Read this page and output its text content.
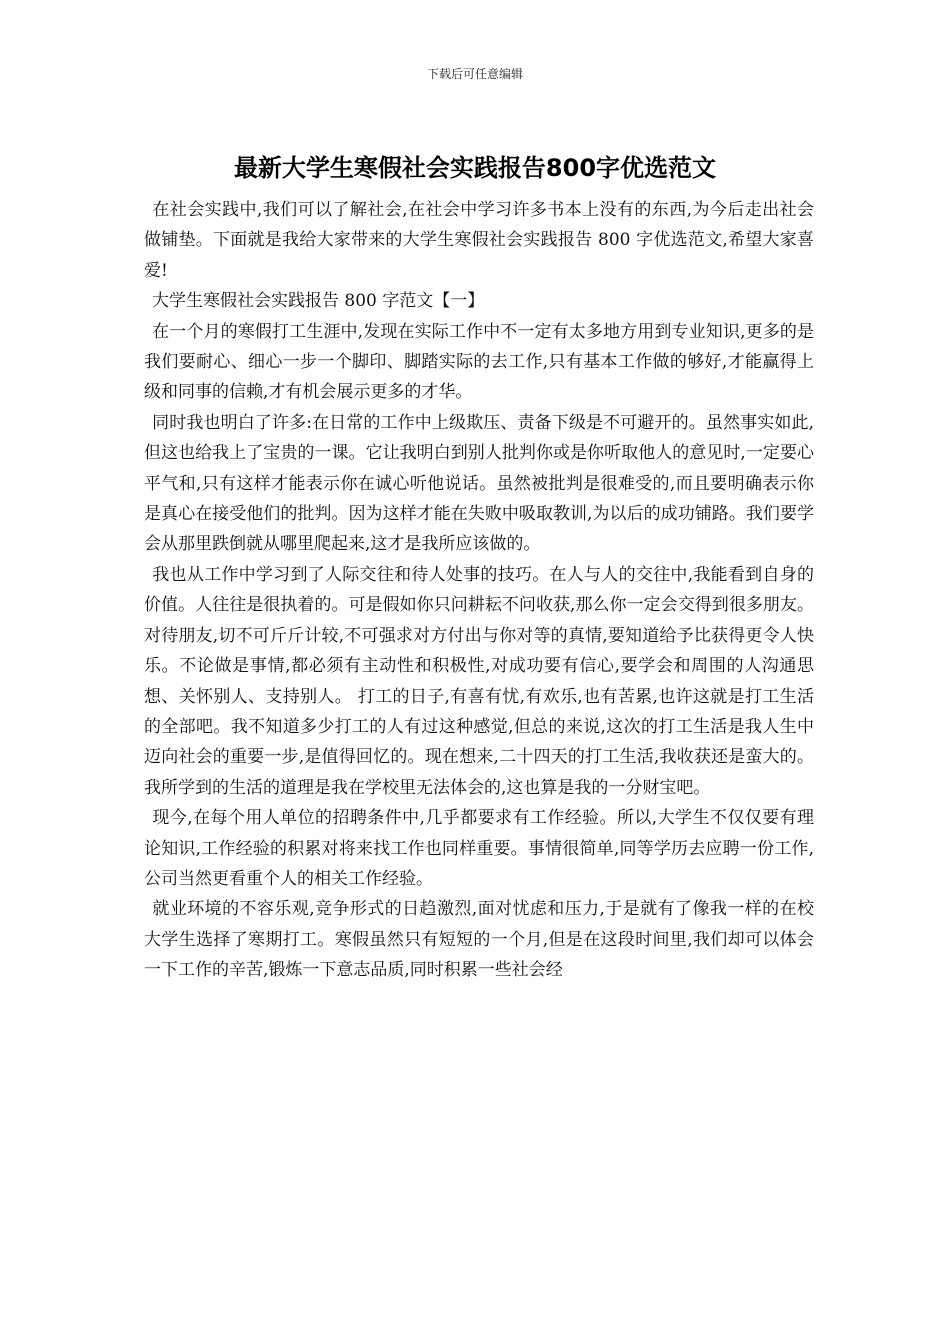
下载后可任意编辑
最新大学生寒假社会实践报告800字优选范文

在社会实践中,我们可以了解社会,在社会中学习许多书本上没有的东西,为今后走出社会做铺垫。下面就是我给大家带来的大学生寒假社会实践报告 800 字优选范文,希望大家喜爱!

大学生寒假社会实践报告 800 字范文【一】

在一个月的寒假打工生涯中,发现在实际工作中不一定有太多地方用到专业知识,更多的是我们要耐心、细心一步一个脚印、脚踏实际的去工作,只有基本工作做的够好,才能赢得上级和同事的信赖,才有机会展示更多的才华。

同时我也明白了许多:在日常的工作中上级欺压、责备下级是不可避开的。虽然事实如此,但这也给我上了宝贵的一课。它让我明白到别人批判你或是你听取他人的意见时,一定要心平气和,只有这样才能表示你在诚心听他说话。虽然被批判是很难受的,而且要明确表示你是真心在接受他们的批判。因为这样才能在失败中吸取教训,为以后的成功铺路。我们要学会从那里跌倒就从哪里爬起来,这才是我所应该做的。

我也从工作中学习到了人际交往和待人处事的技巧。在人与人的交往中,我能看到自身的价值。人往往是很执着的。可是假如你只问耕耘不问收获,那么你一定会交得到很多朋友。对待朋友,切不可斤斤计较,不可强求对方付出与你对等的真情,要知道给予比获得更令人快乐。不论做是事情,都必须有主动性和积极性,对成功要有信心,要学会和周围的人沟通思想、关怀别人、支持别人。 打工的日子,有喜有忧,有欢乐,也有苦累,也许这就是打工生活的全部吧。我不知道多少打工的人有过这种感觉,但总的来说,这次的打工生活是我人生中迈向社会的重要一步,是值得回忆的。现在想来,二十四天的打工生活,我收获还是蛮大的。我所学到的生活的道理是我在学校里无法体会的,这也算是我的一分财宝吧。

现今,在每个用人单位的招聘条件中,几乎都要求有工作经验。所以,大学生不仅仅要有理论知识,工作经验的积累对将来找工作也同样重要。事情很简单,同等学历去应聘一份工作,公司当然更看重个人的相关工作经验。

就业环境的不容乐观,竞争形式的日趋激烈,面对忧虑和压力,于是就有了像我一样的在校大学生选择了寒期打工。寒假虽然只有短短的一个月,但是在这段时间里,我们却可以体会一下工作的辛苦,锻炼一下意志品质,同时积累一些社会经
